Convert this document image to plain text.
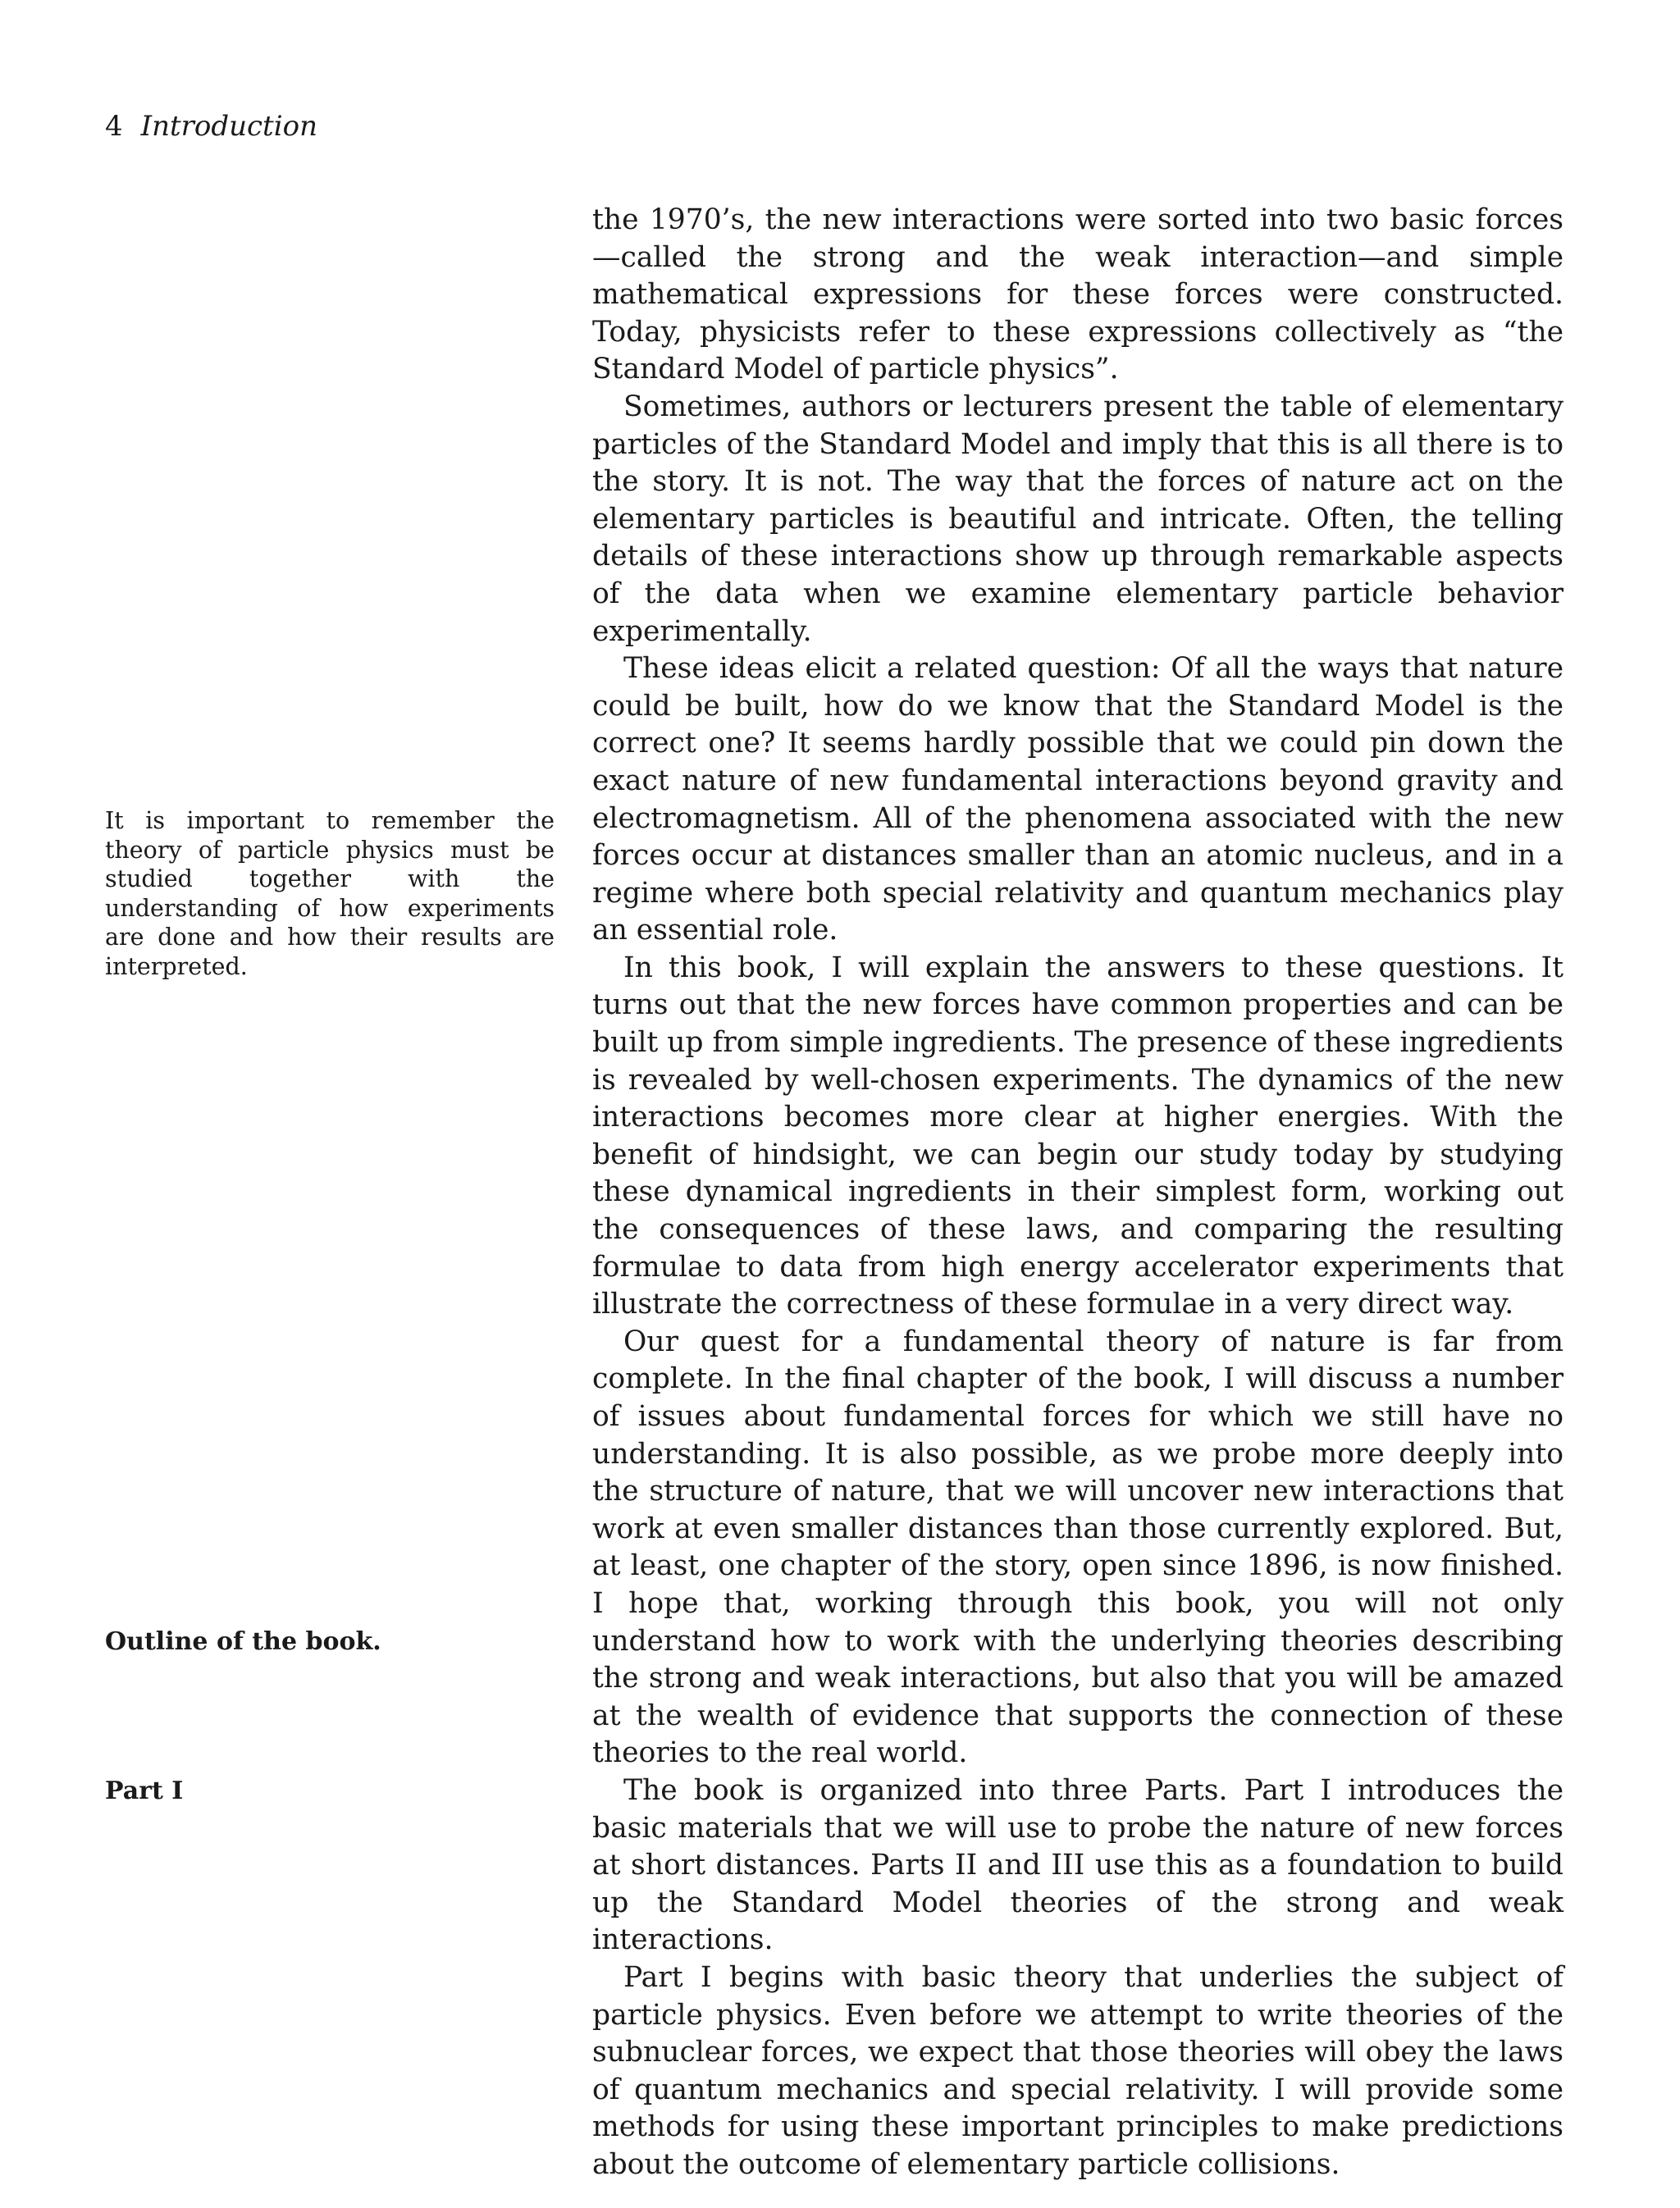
4 Introduction

the 1970’s, the new interactions were sorted into two basic forces—called the strong and the weak interaction—and simple mathematical expressions for these forces were constructed. Today, physicists refer to these expressions collectively as “the Standard Model of particle physics”.

Sometimes, authors or lecturers present the table of elementary particles of the Standard Model and imply that this is all there is to the story. It is not. The way that the forces of nature act on the elementary particles is beautiful and intricate. Often, the telling details of these interactions show up through remarkable aspects of the data when we examine elementary particle behavior experimentally.

These ideas elicit a related question: Of all the ways that nature could be built, how do we know that the Standard Model is the correct one? It seems hardly possible that we could pin down the exact nature of new fundamental interactions beyond gravity and electromagnetism. All of the phenomena associated with the new forces occur at distances smaller than an atomic nucleus, and in a regime where both special relativity and quantum mechanics play an essential role.

In this book, I will explain the answers to these questions. It turns out that the new forces have common properties and can be built up from simple ingredients. The presence of these ingredients is revealed by well-chosen experiments. The dynamics of the new interactions becomes more clear at higher energies. With the benefit of hindsight, we can begin our study today by studying these dynamical ingredients in their simplest form, working out the consequences of these laws, and comparing the resulting formulae to data from high energy accelerator experiments that illustrate the correctness of these formulae in a very direct way.

Our quest for a fundamental theory of nature is far from complete. In the final chapter of the book, I will discuss a number of issues about fundamental forces for which we still have no understanding. It is also possible, as we probe more deeply into the structure of nature, that we will uncover new interactions that work at even smaller distances than those currently explored. But, at least, one chapter of the story, open since 1896, is now finished. I hope that, working through this book, you will not only understand how to work with the underlying theories describing the strong and weak interactions, but also that you will be amazed at the wealth of evidence that supports the connection of these theories to the real world.

The book is organized into three Parts. Part I introduces the basic materials that we will use to probe the nature of new forces at short distances. Parts II and III use this as a foundation to build up the Standard Model theories of the strong and weak interactions.

Part I begins with basic theory that underlies the subject of particle physics. Even before we attempt to write theories of the subnuclear forces, we expect that those theories will obey the laws of quantum mechanics and special relativity. I will provide some methods for using these important principles to make predictions about the outcome of elementary particle collisions.

It is important to remember the theory of particle physics must be studied together with the understanding of how experiments are done and how their results are interpreted.
Outline of the book.
Part I
